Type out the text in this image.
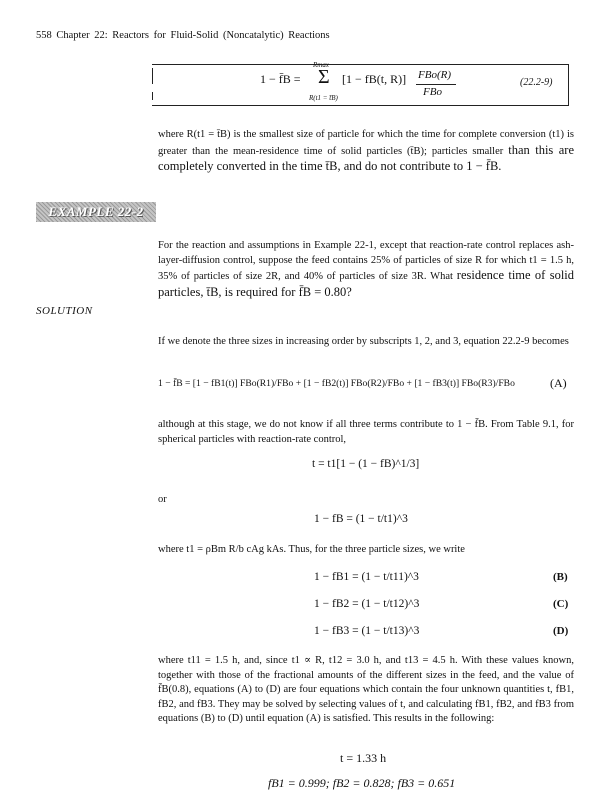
558 Chapter 22: Reactors for Fluid-Solid (Noncatalytic) Reactions
1 − f̄B =
Rmax
Σ
R(t1 = t̄B)
[1 − fB(t, R)] FBo(R)
FBo
(22.2-9)
where R(t1 = t̄B) is the smallest size of particle for which the time for complete conversion (t1) is greater than the mean-residence time of solid particles (t̄B); particles smaller than this are completely converted in the time t̄B, and do not contribute to 1 − f̄B.
EXAMPLE 22-2
For the reaction and assumptions in Example 22-1, except that reaction-rate control replaces ash-layer-diffusion control, suppose the feed contains 25% of particles of size R for which t1 = 1.5 h, 35% of particles of size 2R, and 40% of particles of size 3R. What residence time of solid particles, t̄B, is required for f̄B = 0.80?
SOLUTION
If we denote the three sizes in increasing order by subscripts 1, 2, and 3, equation 22.2-9 becomes
1 − f̄B = [1 − fB1(t)] FBo(R1)/FBo + [1 − fB2(t)] FBo(R2)/FBo + [1 − fB3(t)] FBo(R3)/FBo	(A)
although at this stage, we do not know if all three terms contribute to 1 − f̄B. From Table 9.1, for spherical particles with reaction-rate control,
t = t1[1 − (1 − fB)^1/3]
or
1 − fB = (1 − t/t1)^3
where t1 = ρBm R/b cAg kAs. Thus, for the three particle sizes, we write
1 − fB1 = (1 − t/t11)^3	(B)
1 − fB2 = (1 − t/t12)^3	(C)
1 − fB3 = (1 − t/t13)^3	(D)
where t11 = 1.5 h, and, since t1 ∝ R, t12 = 3.0 h, and t13 = 4.5 h. With these values known, together with those of the fractional amounts of the different sizes in the feed, and the value of f̄B(0.8), equations (A) to (D) are four equations which contain the four unknown quantities t, fB1, fB2, and fB3. They may be solved by selecting values of t, and calculating fB1, fB2, and fB3 from equations (B) to (D) until equation (A) is satisfied. This results in the following:
t = 1.33 h
fB1 = 0.999; fB2 = 0.828; fB3 = 0.651
